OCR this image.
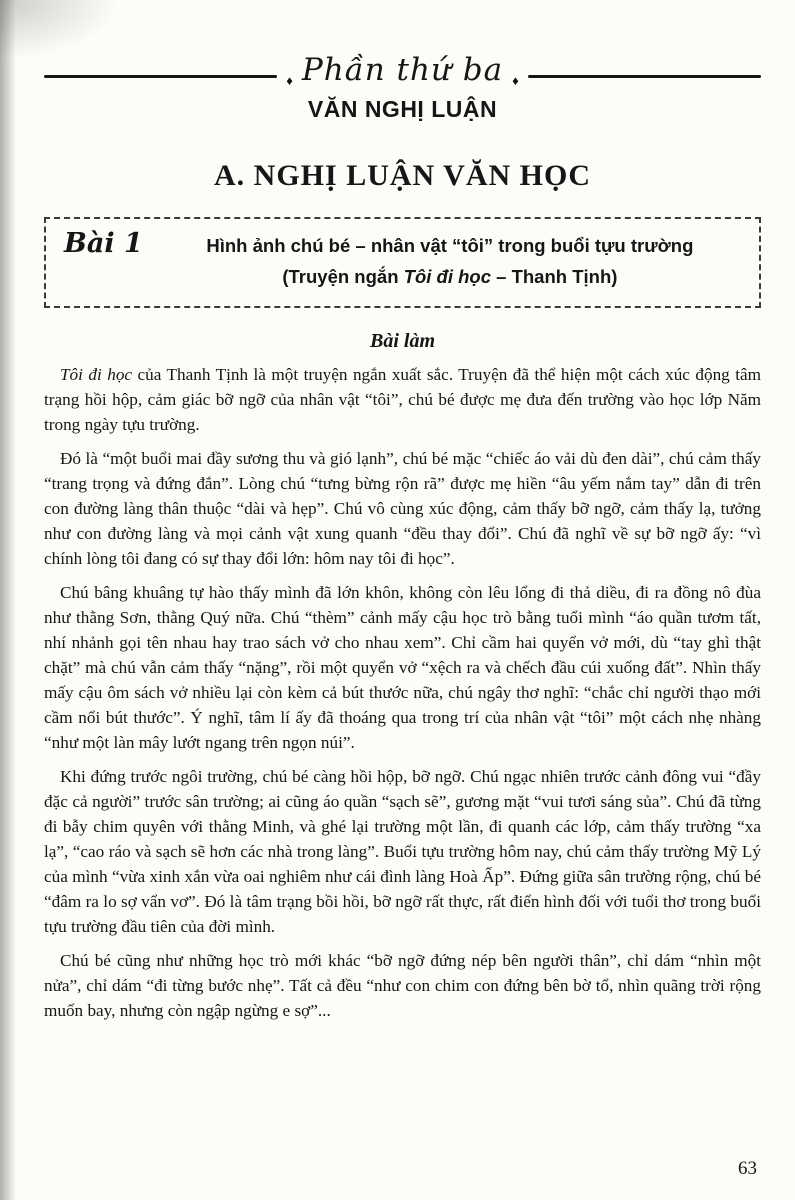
♦ Phần thứ ba ♦
VĂN NGHỊ LUẬN
A. NGHỊ LUẬN VĂN HỌC
Bài 1	Hình ảnh chú bé – nhân vật “tôi” trong buổi tựu trường
(Truyện ngắn Tôi đi học – Thanh Tịnh)
Bài làm

Tôi đi học của Thanh Tịnh là một truyện ngắn xuất sắc. Truyện đã thể hiện một cách xúc động tâm trạng hồi hộp, cảm giác bỡ ngỡ của nhân vật “tôi”, chú bé được mẹ đưa đến trường vào học lớp Năm trong ngày tựu trường.

Đó là “một buổi mai đầy sương thu và gió lạnh”, chú bé mặc “chiếc áo vải dù đen dài”, chú cảm thấy “trang trọng và đứng đắn”. Lòng chú “tưng bừng rộn rã” được mẹ hiền “âu yếm nắm tay” dẫn đi trên con đường làng thân thuộc “dài và hẹp”. Chú vô cùng xúc động, cảm thấy bỡ ngỡ, cảm thấy lạ, tưởng như con đường làng và mọi cảnh vật xung quanh “đều thay đổi”. Chú đã nghĩ về sự bỡ ngỡ ấy: “vì chính lòng tôi đang có sự thay đổi lớn: hôm nay tôi đi học”.

Chú bâng khuâng tự hào thấy mình đã lớn khôn, không còn lêu lổng đi thả diều, đi ra đồng nô đùa như thằng Sơn, thằng Quý nữa. Chú “thèm” cảnh mấy cậu học trò bằng tuổi mình “áo quần tươm tất, nhí nhảnh gọi tên nhau hay trao sách vở cho nhau xem”. Chỉ cầm hai quyển vở mới, dù “tay ghì thật chặt” mà chú vẫn cảm thấy “nặng”, rồi một quyển vở “xệch ra và chếch đầu cúi xuống đất”. Nhìn thấy mấy cậu ôm sách vở nhiều lại còn kèm cả bút thước nữa, chú ngây thơ nghĩ: “chắc chỉ người thạo mới cầm nổi bút thước”. Ý nghĩ, tâm lí ấy đã thoáng qua trong trí của nhân vật “tôi” một cách nhẹ nhàng “như một làn mây lướt ngang trên ngọn núi”.

Khi đứng trước ngôi trường, chú bé càng hồi hộp, bỡ ngỡ. Chú ngạc nhiên trước cảnh đông vui “đầy đặc cả người” trước sân trường; ai cũng áo quần “sạch sẽ”, gương mặt “vui tươi sáng sủa”. Chú đã từng đi bẫy chim quyên với thằng Minh, và ghé lại trường một lần, đi quanh các lớp, cảm thấy trường “xa lạ”, “cao ráo và sạch sẽ hơn các nhà trong làng”. Buổi tựu trường hôm nay, chú cảm thấy trường Mỹ Lý của mình “vừa xinh xắn vừa oai nghiêm như cái đình làng Hoà Ấp”. Đứng giữa sân trường rộng, chú bé “đâm ra lo sợ vẩn vơ”. Đó là tâm trạng bồi hồi, bỡ ngỡ rất thực, rất điển hình đối với tuổi thơ trong buổi tựu trường đầu tiên của đời mình.

Chú bé cũng như những học trò mới khác “bỡ ngỡ đứng nép bên người thân”, chỉ dám “nhìn một nửa”, chỉ dám “đi từng bước nhẹ”. Tất cả đều “như con chim con đứng bên bờ tổ, nhìn quãng trời rộng muốn bay, nhưng còn ngập ngừng e sợ”...

63
